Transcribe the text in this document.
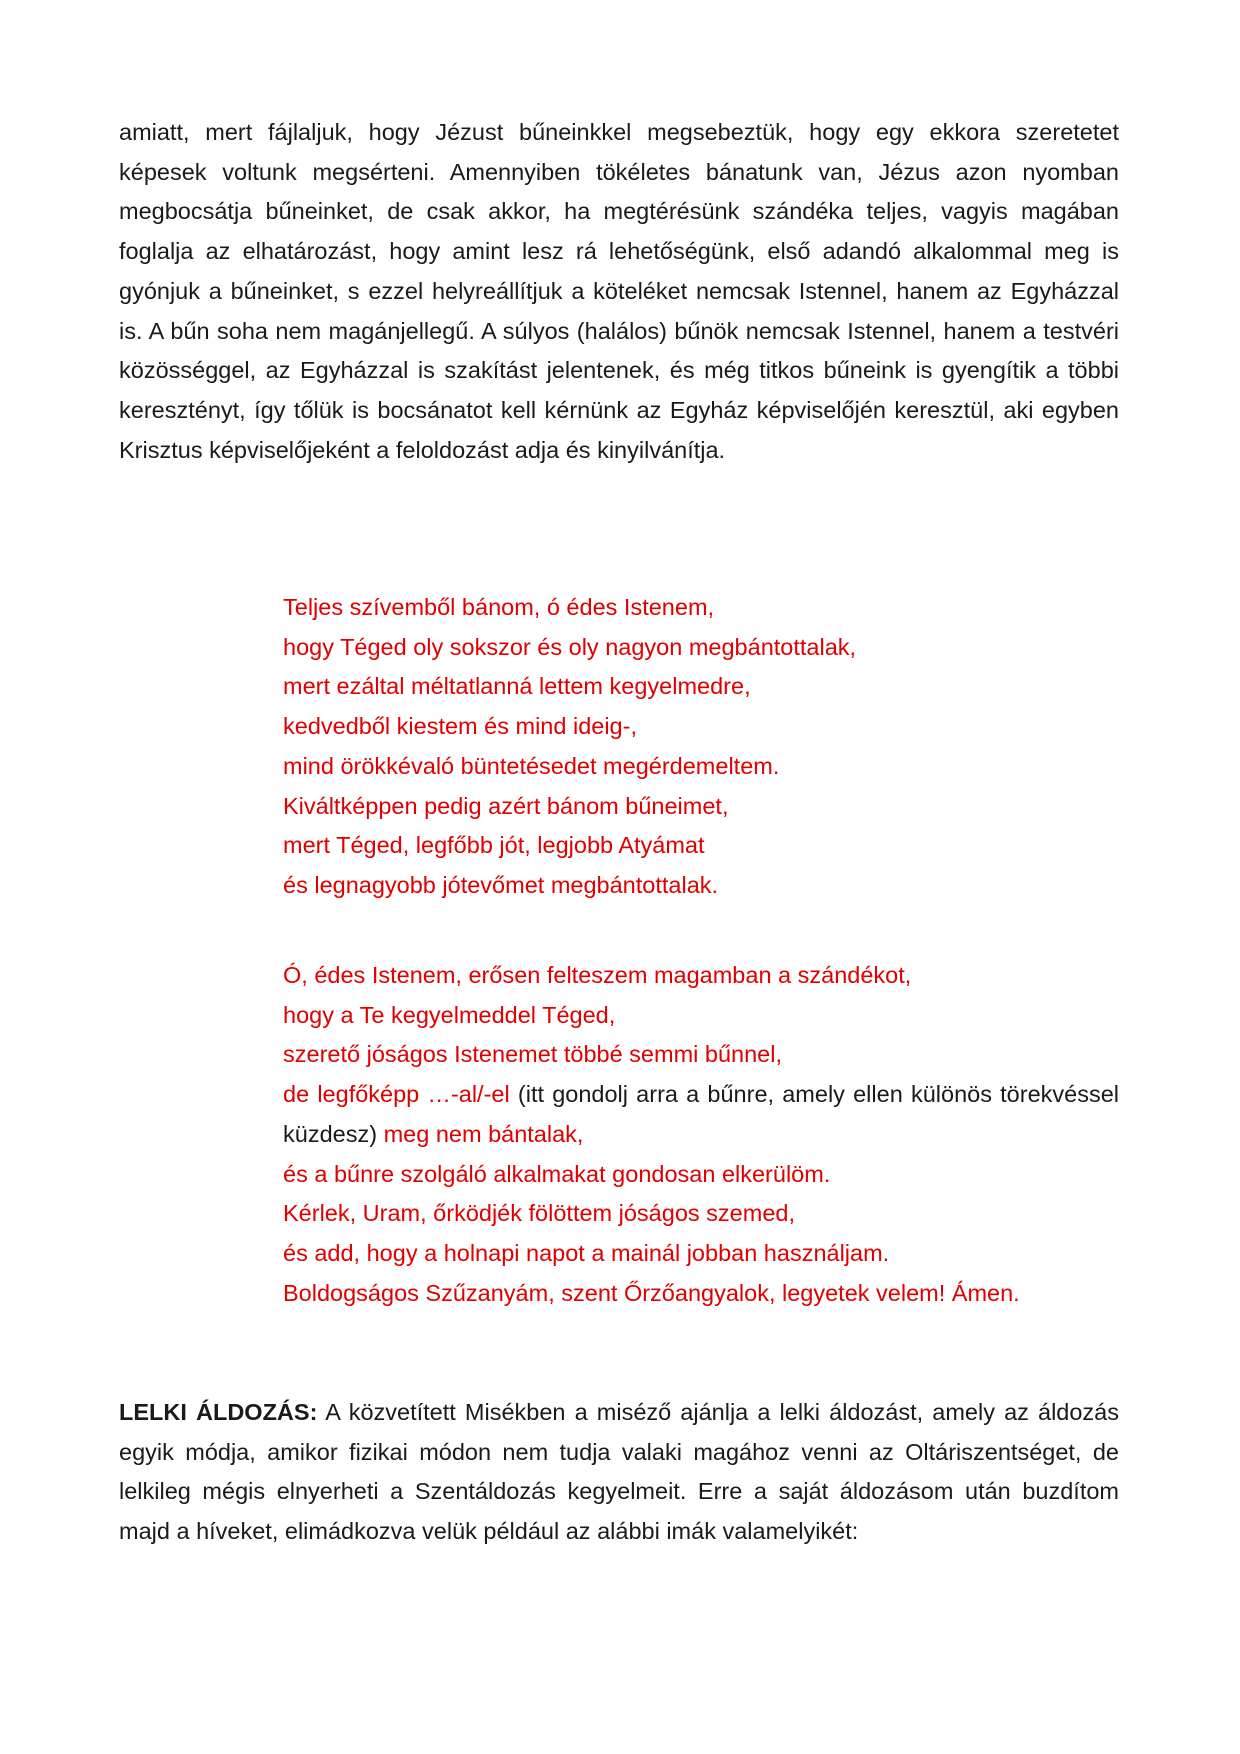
amiatt, mert fájlaljuk, hogy Jézust bűneinkkel megsebeztük, hogy egy ekkora szeretetet képesek voltunk megsérteni. Amennyiben tökéletes bánatunk van, Jézus azon nyomban megbocsátja bűneinket, de csak akkor, ha megtérésünk szándéka teljes, vagyis magában foglalja az elhatározást, hogy amint lesz rá lehetőségünk, első adandó alkalommal meg is gyónjuk a bűneinket, s ezzel helyreállítjuk a köteléket nemcsak Istennel, hanem az Egyházzal is. A bűn soha nem magánjellegű. A súlyos (halálos) bűnök nemcsak Istennel, hanem a testvéri közösséggel, az Egyházzal is szakítást jelentenek, és még titkos bűneink is gyengítik a többi keresztényt, így tőlük is bocsánatot kell kérnünk az Egyház képviselőjén keresztül, aki egyben Krisztus képviselőjeként a feloldozást adja és kinyilvánítja.

Teljes szívemből bánom, ó édes Istenem,
hogy Téged oly sokszor és oly nagyon megbántottalak,
mert ezáltal méltatlanná lettem kegyelmedre,
kedvedből kiestem és mind ideig-,
mind örökkévaló büntetésedet megérdemeltem.
Kiváltképpen pedig azért bánom bűneimet,
mert Téged, legfőbb jót, legjobb Atyámat
és legnagyobb jótevőmet megbántottalak.
Ó, édes Istenem, erősen felteszem magamban a szándékot,
hogy a Te kegyelmeddel Téged,
szerető jóságos Istenemet többé semmi bűnnel,
de legfőképp …-al/-el (itt gondolj arra a bűnre, amely ellen különös törekvéssel küzdesz) meg nem bántalak,
és a bűnre szolgáló alkalmakat gondosan elkerülöm.
Kérlek, Uram, őrködjék fölöttem jóságos szemed,
és add, hogy a holnapi napot a mainál jobban használjam.
Boldogságos Szűzanyám, szent Őrzőangyalok, legyetek velem! Ámen.

LELKI ÁLDOZÁS: A közvetített Misékben a miséző ajánlja a lelki áldozást, amely az áldozás egyik módja, amikor fizikai módon nem tudja valaki magához venni az Oltáriszentséget, de lelkileg mégis elnyerheti a Szentáldozás kegyelmeit. Erre a saját áldozásom után buzdítom majd a híveket, elimádkozva velük például az alábbi imák valamelyikét:
